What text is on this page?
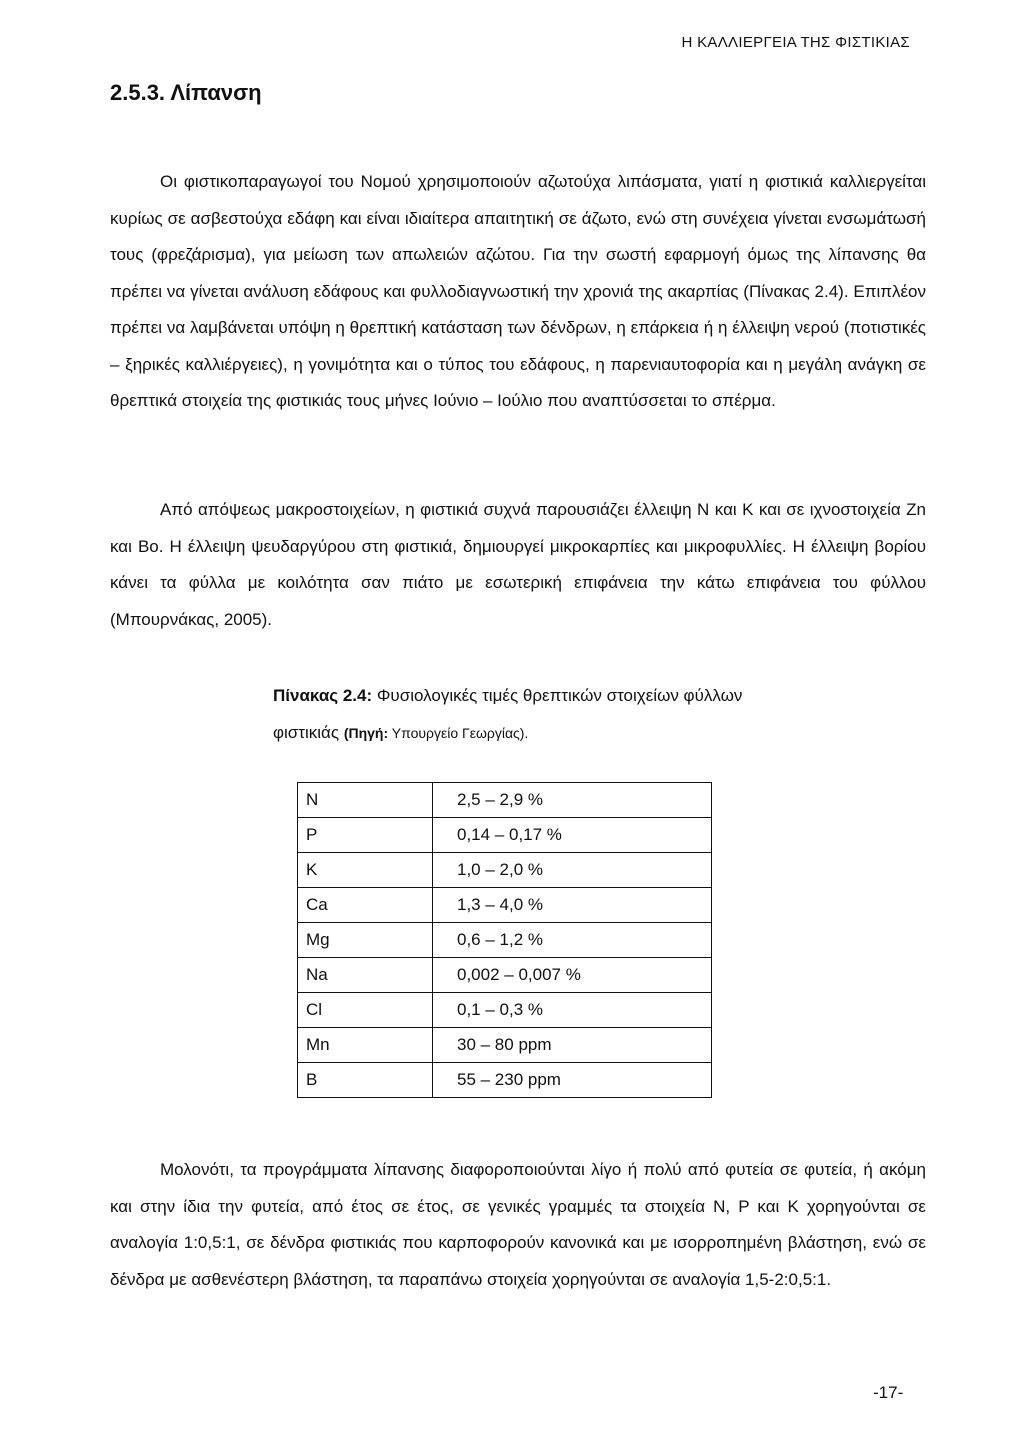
Η ΚΑΛΛΙΕΡΓΕΙΑ ΤΗΣ ΦΙΣΤΙΚΙΑΣ
2.5.3. Λίπανση

Οι φιστικοπαραγωγοί του Νομού χρησιμοποιούν αζωτούχα λιπάσματα, γιατί η φιστικιά καλλιεργείται κυρίως σε ασβεστούχα εδάφη και είναι ιδιαίτερα απαιτητική σε άζωτο, ενώ στη συνέχεια γίνεται ενσωμάτωσή τους (φρεζάρισμα), για μείωση των απωλειών αζώτου. Για την σωστή εφαρμογή όμως της λίπανσης θα πρέπει να γίνεται ανάλυση εδάφους και φυλλοδιαγνωστική την χρονιά της ακαρπίας (Πίνακας 2.4). Επιπλέον πρέπει να λαμβάνεται υπόψη η θρεπτική κατάσταση των δένδρων, η επάρκεια ή η έλλειψη νερού (ποτιστικές – ξηρικές καλλιέργειες), η γονιμότητα και ο τύπος του εδάφους, η παρενιαυτοφορία και η μεγάλη ανάγκη σε θρεπτικά στοιχεία της φιστικιάς τους μήνες Ιούνιο – Ιούλιο που αναπτύσσεται το σπέρμα.

Από απόψεως μακροστοιχείων, η φιστικιά συχνά παρουσιάζει έλλειψη Ν και Κ και σε ιχνοστοιχεία Zn και Bo. Η έλλειψη ψευδαργύρου στη φιστικιά, δημιουργεί μικροκαρπίες και μικροφυλλίες. Η έλλειψη βορίου κάνει τα φύλλα με κοιλότητα σαν πιάτο με εσωτερική επιφάνεια την κάτω επιφάνεια του φύλλου (Μπουρνάκας, 2005).

Πίνακας 2.4: Φυσιολογικές τιμές θρεπτικών στοιχείων φύλλων φιστικιάς (Πηγή: Υπουργείο Γεωργίας).
N	2,5 – 2,9 %
P	0,14 – 0,17 %
K	1,0 – 2,0 %
Ca	1,3 – 4,0 %
Mg	0,6 – 1,2 %
Na	0,002 – 0,007 %
Cl	0,1 – 0,3 %
Mn	30 – 80 ppm
B	55 – 230 ppm

Μολονότι, τα προγράμματα λίπανσης διαφοροποιούνται λίγο ή πολύ από φυτεία σε φυτεία, ή ακόμη και στην ίδια την φυτεία, από έτος σε έτος, σε γενικές γραμμές τα στοιχεία Ν, Ρ και Κ χορηγούνται σε αναλογία 1:0,5:1, σε δένδρα φιστικιάς που καρποφορούν κανονικά και με ισορροπημένη βλάστηση, ενώ σε δένδρα με ασθενέστερη βλάστηση, τα παραπάνω στοιχεία χορηγούνται σε αναλογία 1,5-2:0,5:1.

-17-
